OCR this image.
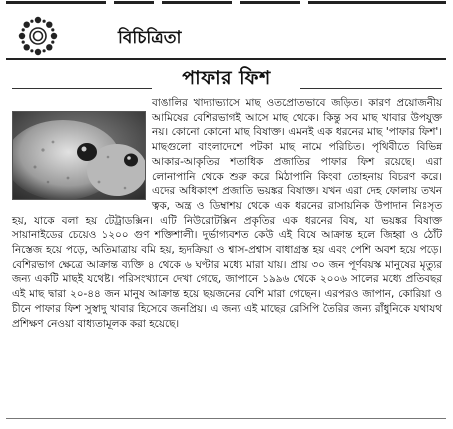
বিচিত্রিতা
পাফার ফিশ

বাঙালির খাদ্যাভ্যাসে মাছ ওতপ্রোতভাবে জড়িত। কারণ প্রয়োজনীয় আমিষের বেশিরভাগই আসে মাছ থেকে। কিন্তু সব মাছ খাবার উপযুক্ত নয়। কোনো কোনো মাছ বিষাক্ত। এমনই এক ধরনের মাছ 'পাফার ফিশ'। মাছগুলো বাংলাদেশে পটকা মাছ নামে পরিচিত। পৃথিবীতে বিভিন্ন আকার-আকৃতির শতাধিক প্রজাতির পাফার ফিশ রয়েছে। এরা লোনাপানি থেকে শুরু করে মিঠাপানি কিংবা তোহনায় বিচরণ করে। এদের অধিকাংশ প্রজাতি ভয়ঙ্কর বিষাক্ত। যখন এরা দেহ ফোলায় তখন ত্বক, অন্ত্র ও ডিম্বাশয় থেকে এক ধরনের রাসায়নিক উপাদান নিঃসৃত হয়, যাকে বলা হয় টেট্রাডক্সিন। এটি নিউরোটক্সিন প্রকৃতির এক ধরনের বিষ, যা ভয়ঙ্কর বিষাক্ত সায়ানাইডের চেয়েও ১২০০ গুণ শক্তিশালী। দুর্ভাগ্যবশত কেউ এই বিষে আক্রান্ত হলে জিহ্বা ও ঠোঁট নিস্তেজ হয়ে পড়ে, অতিমাত্রায় বমি হয়, হৃদক্রিয়া ও শ্বাস-প্রশ্বাস বাধাগ্রস্ত হয় এবং পেশি অবশ হয়ে পড়ে। বেশিরভাগ ক্ষেত্রে আক্রান্ত ব্যক্তি ৪ থেকে ৬ ঘণ্টার মধ্যে মারা যায়। প্রায় ৩০ জন পূর্ণবয়স্ক মানুষের মৃত্যুর জন্য একটি মাছই যথেষ্ট। পরিসংখ্যানে দেখা গেছে, জাপানে ১৯৯৬ থেকে ২০০৬ সালের মধ্যে প্রতিবছর এই মাছ দ্বারা ২০-৪৪ জন মানুষ আক্রান্ত হয়ে ছয়জনের বেশি মারা গেছেন। এরপরও জাপান, কোরিয়া ও চীনে পাফার ফিশ সুস্বাদু খাবার হিসেবে জনপ্রিয়। এ জন্য এই মাছের রেসিপি তৈরির জন্য রাঁধুনিকে যথাযথ প্রশিক্ষণ নেওয়া বাধ্যতামূলক করা হয়েছে।
